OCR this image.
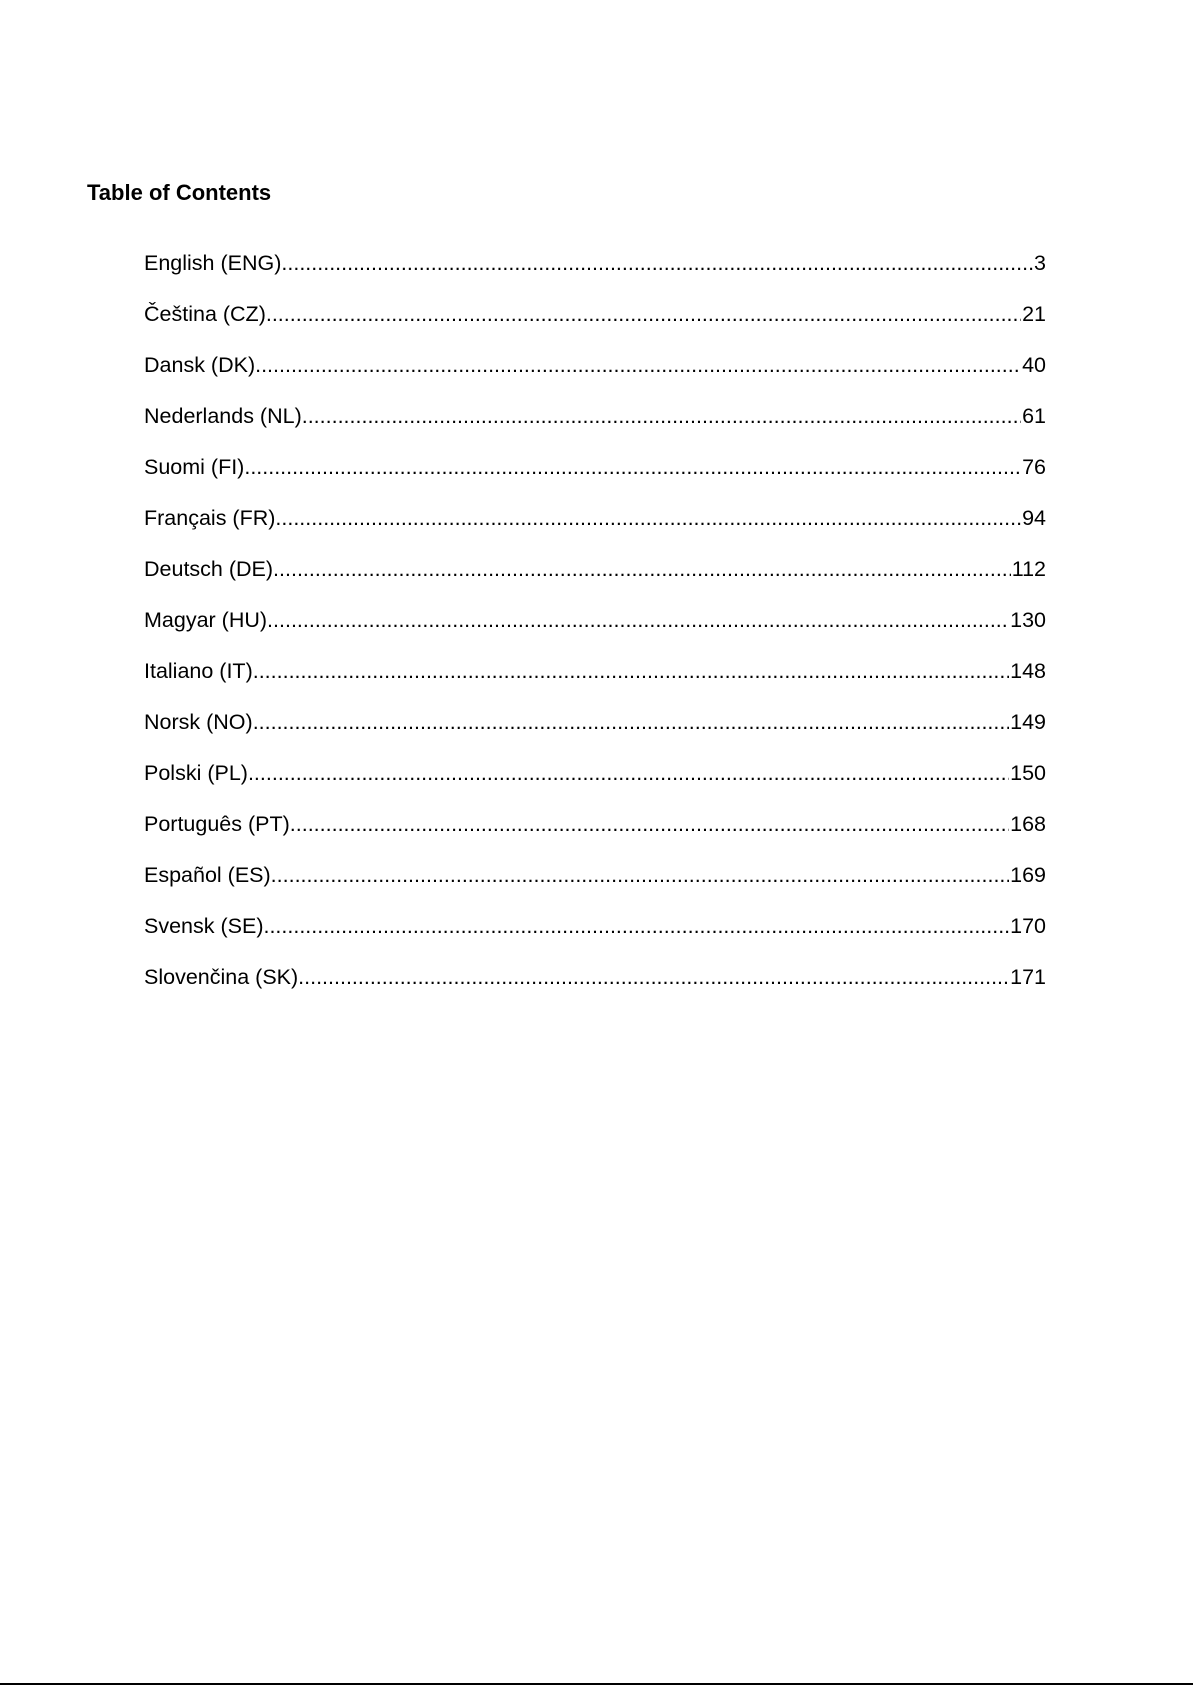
Table of Contents
English (ENG) .....	3
Čeština (CZ) .....	21
Dansk (DK) .....	40
Nederlands (NL) .....	61
Suomi (FI) .....	76
Français (FR) .....	94
Deutsch (DE) .....	112
Magyar (HU) .....	130
Italiano (IT) .....	148
Norsk (NO) .....	149
Polski (PL) .....	150
Português (PT) .....	168
Español (ES) .....	169
Svensk (SE) .....	170
Slovenčina (SK) .....	171
